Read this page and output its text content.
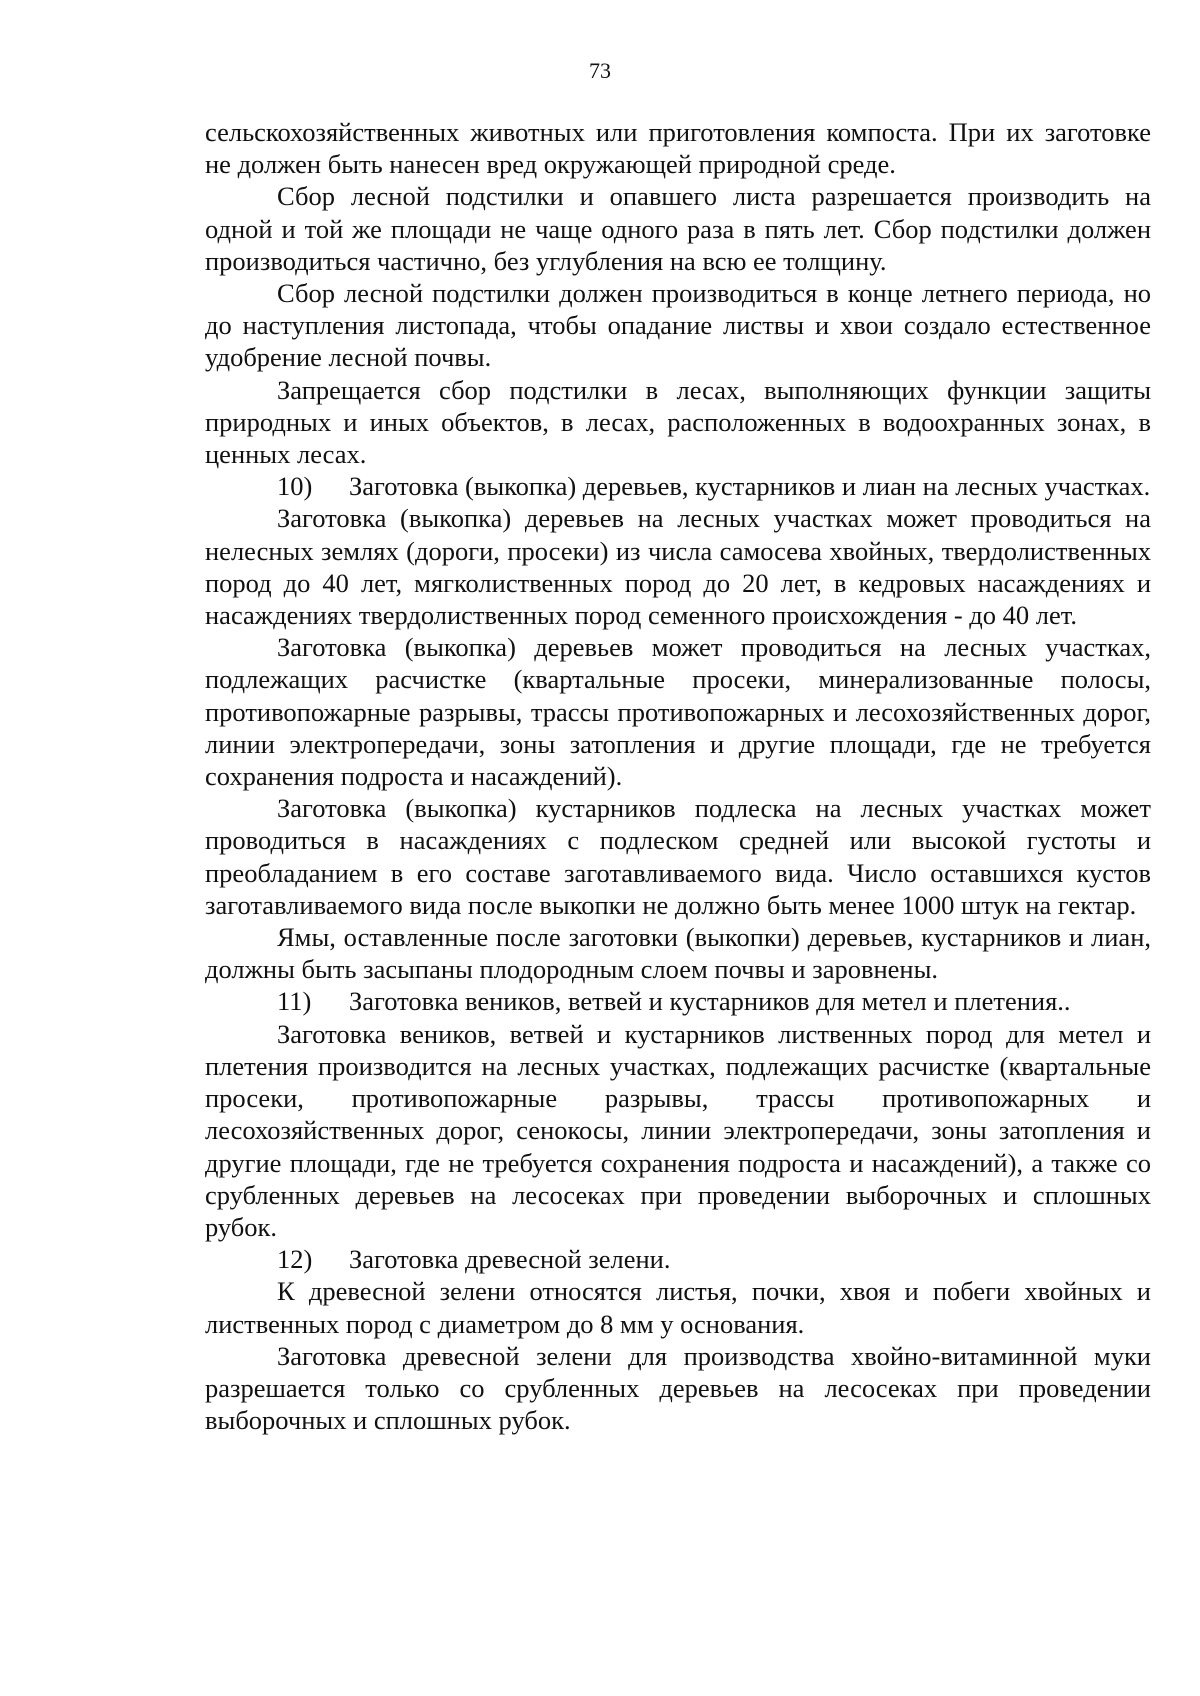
73

сельскохозяйственных животных или приготовления компоста. При их заготовке не должен быть нанесен вред окружающей природной среде.

Сбор лесной подстилки и опавшего листа разрешается производить на одной и той же площади не чаще одного раза в пять лет. Сбор подстилки должен производиться частично, без углубления на всю ее толщину.

Сбор лесной подстилки должен производиться в конце летнего периода, но до наступления листопада, чтобы опадание листвы и хвои создало естественное удобрение лесной почвы.

Запрещается сбор подстилки в лесах, выполняющих функции защиты природных и иных объектов, в лесах, расположенных в водоохранных зонах, в ценных лесах.

10) Заготовка (выкопка) деревьев, кустарников и лиан на лесных участках.

Заготовка (выкопка) деревьев на лесных участках может проводиться на нелесных землях (дороги, просеки) из числа самосева хвойных, твердолиственных пород до 40 лет, мягколиственных пород до 20 лет, в кедровых насаждениях и насаждениях твердолиственных пород семенного происхождения - до 40 лет.

Заготовка (выкопка) деревьев может проводиться на лесных участках, подлежащих расчистке (квартальные просеки, минерализованные полосы, противопожарные разрывы, трассы противопожарных и лесохозяйственных дорог, линии электропередачи, зоны затопления и другие площади, где не требуется сохранения подроста и насаждений).

Заготовка (выкопка) кустарников подлеска на лесных участках может проводиться в насаждениях с подлеском средней или высокой густоты и преобладанием в его составе заготавливаемого вида. Число оставшихся кустов заготавливаемого вида после выкопки не должно быть менее 1000 штук на гектар.

Ямы, оставленные после заготовки (выкопки) деревьев, кустарников и лиан, должны быть засыпаны плодородным слоем почвы и заровнены.

11) Заготовка веников, ветвей и кустарников для метел и плетения..

Заготовка веников, ветвей и кустарников лиственных пород для метел и плетения производится на лесных участках, подлежащих расчистке (квартальные просеки, противопожарные разрывы, трассы противопожарных и лесохозяйственных дорог, сенокосы, линии электропередачи, зоны затопления и другие площади, где не требуется сохранения подроста и насаждений), а также со срубленных деревьев на лесосеках при проведении выборочных и сплошных рубок.

12) Заготовка древесной зелени.

К древесной зелени относятся листья, почки, хвоя и побеги хвойных и лиственных пород с диаметром до 8 мм у основания.

Заготовка древесной зелени для производства хвойно-витаминной муки разрешается только со срубленных деревьев на лесосеках при проведении выборочных и сплошных рубок.
